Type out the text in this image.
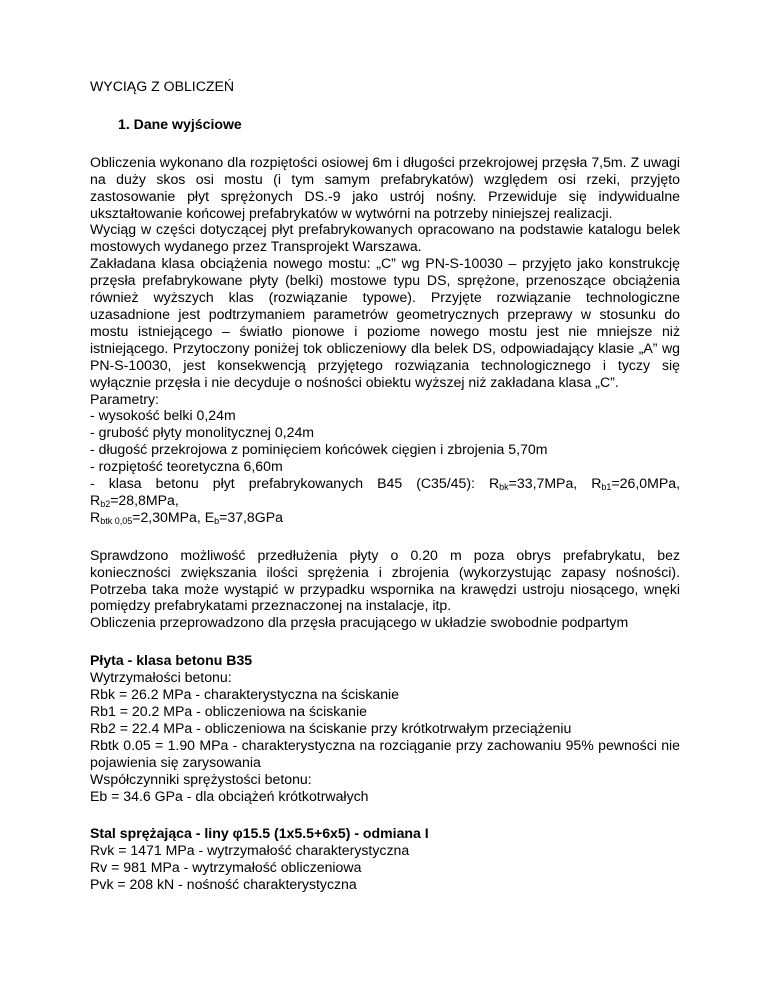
WYCIĄG Z OBLICZEŃ

1. Dane wyjściowe

Obliczenia wykonano dla rozpiętości osiowej 6m i długości przekrojowej przęsła 7,5m. Z uwagi na duży skos osi mostu (i tym samym prefabrykatów) względem osi rzeki, przyjęto zastosowanie płyt sprężonych DS.-9 jako ustrój nośny. Przewiduje się indywidualne ukształtowanie końcowej prefabrykatów w wytwórni na potrzeby niniejszej realizacji.

Wyciąg w części dotyczącej płyt prefabrykowanych opracowano na podstawie katalogu belek mostowych wydanego przez Transprojekt Warszawa.

Zakładana klasa obciążenia nowego mostu: „C” wg PN-S-10030 – przyjęto jako konstrukcję przęsła prefabrykowane płyty (belki) mostowe typu DS, sprężone, przenoszące obciążenia również wyższych klas (rozwiązanie typowe). Przyjęte rozwiązanie technologiczne uzasadnione jest podtrzymaniem parametrów geometrycznych przeprawy w stosunku do mostu istniejącego – światło pionowe i poziome nowego mostu jest nie mniejsze niż istniejącego. Przytoczony poniżej tok obliczeniowy dla belek DS, odpowiadający klasie „A” wg PN-S-10030, jest konsekwencją przyjętego rozwiązania technologicznego i tyczy się wyłącznie przęsła i nie decyduje o nośności obiektu wyższej niż zakładana klasa „C”.

Parametry:

- wysokość belki 0,24m

- grubość płyty monolitycznej 0,24m

- długość przekrojowa z pominięciem końcówek cięgien i zbrojenia 5,70m

- rozpiętość teoretyczna 6,60m

- klasa betonu płyt prefabrykowanych B45 (C35/45): $R_{bk}=33,7MPa$, $R_{b1}=26,0MPa$, $R_{b2}=28,8MPa$,

$R_{btk 0,05}=2,30MPa$, $E_b=37,8GPa$

Sprawdzono możliwość przedłużenia płyty o 0.20 m poza obrys prefabrykatu, bez konieczności zwiększania ilości sprężenia i zbrojenia (wykorzystując zapasy nośności). Potrzeba taka może wystąpić w przypadku wspornika na krawędzi ustroju niosącego, wnęki pomiędzy prefabrykatami przeznaczonej na instalacje, itp.

Obliczenia przeprowadzono dla przęsła pracującego w układzie swobodnie podpartym

Płyta - klasa betonu B35

Wytrzymałości betonu:

Rbk = 26.2 MPa - charakterystyczna na ściskanie

Rb1 = 20.2 MPa - obliczeniowa na ściskanie

Rb2 = 22.4 MPa - obliczeniowa na ściskanie przy krótkotrwałym przeciążeniu

Rbtk 0.05 = 1.90 MPa - charakterystyczna na rozciąganie przy zachowaniu 95% pewności nie pojawienia się zarysowania

Współczynniki sprężystości betonu:

Eb = 34.6 GPa - dla obciążeń krótkotrwałych

Stal sprężająca - liny φ15.5 (1x5.5+6x5) - odmiana I

Rvk = 1471 MPa - wytrzymałość charakterystyczna

Rv = 981 MPa - wytrzymałość obliczeniowa

Pvk = 208 kN - nośność charakterystyczna
